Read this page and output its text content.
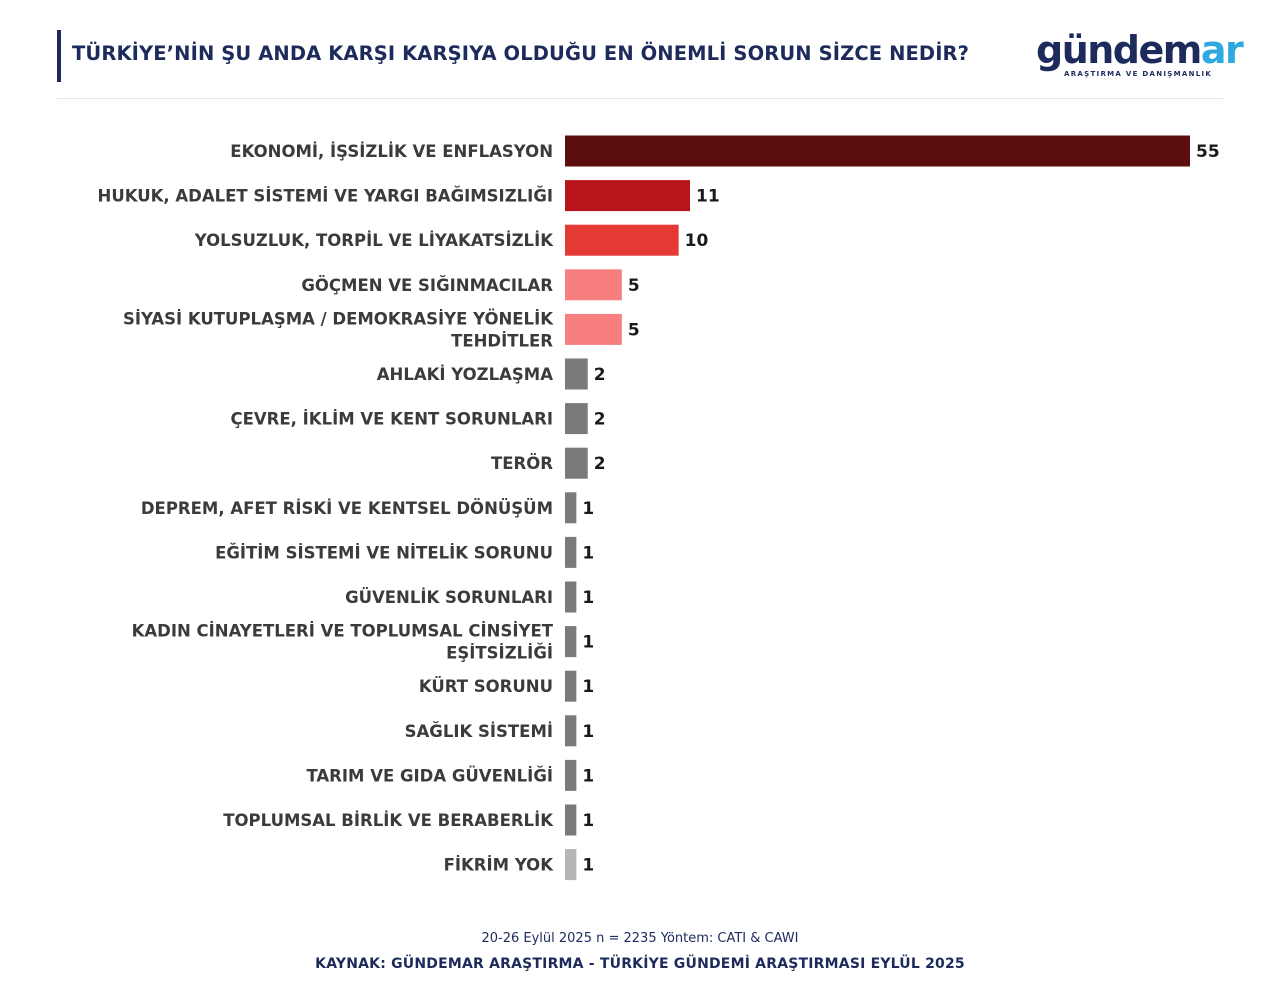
TÜRKİYE’NİN ŞU ANDA KARŞI KARŞIYA OLDUĞU EN ÖNEMLİ SORUN SİZCE NEDİR? gündemar
ARAŞTIRMA VE DANIŞMANLIK
55
EKONOMİ, İŞSİZLİK VE ENFLASYON
11
HUKUK, ADALET SİSTEMİ VE YARGI BAĞIMSIZLIĞI
10
YOLSUZLUK, TORPİL VE LİYAKATSİZLİK
5
GÖÇMEN VE SIĞINMACILAR
5
SİYASİ KUTUPLAŞMA / DEMOKRASİYE YÖNELİK
TEHDİTLER
2
AHLAKİ YOZLAŞMA
2
ÇEVRE, İKLİM VE KENT SORUNLARI
2
TERÖR
1
DEPREM, AFET RİSKİ VE KENTSEL DÖNÜŞÜM
1
EĞİTİM SİSTEMİ VE NİTELİK SORUNU
1
GÜVENLİK SORUNLARI
1
KADIN CİNAYETLERİ VE TOPLUMSAL CİNSİYET
EŞİTSİZLİĞİ
1
KÜRT SORUNU
1
SAĞLIK SİSTEMİ
1
TARIM VE GIDA GÜVENLİĞİ
1
TOPLUMSAL BİRLİK VE BERABERLİK
1
FİKRİM YOK
20-26 Eylül 2025 n = 2235 Yöntem: CATI & CAWI
KAYNAK: GÜNDEMAR ARAŞTIRMA - TÜRKİYE GÜNDEMİ ARAŞTIRMASI EYLÜL 2025
